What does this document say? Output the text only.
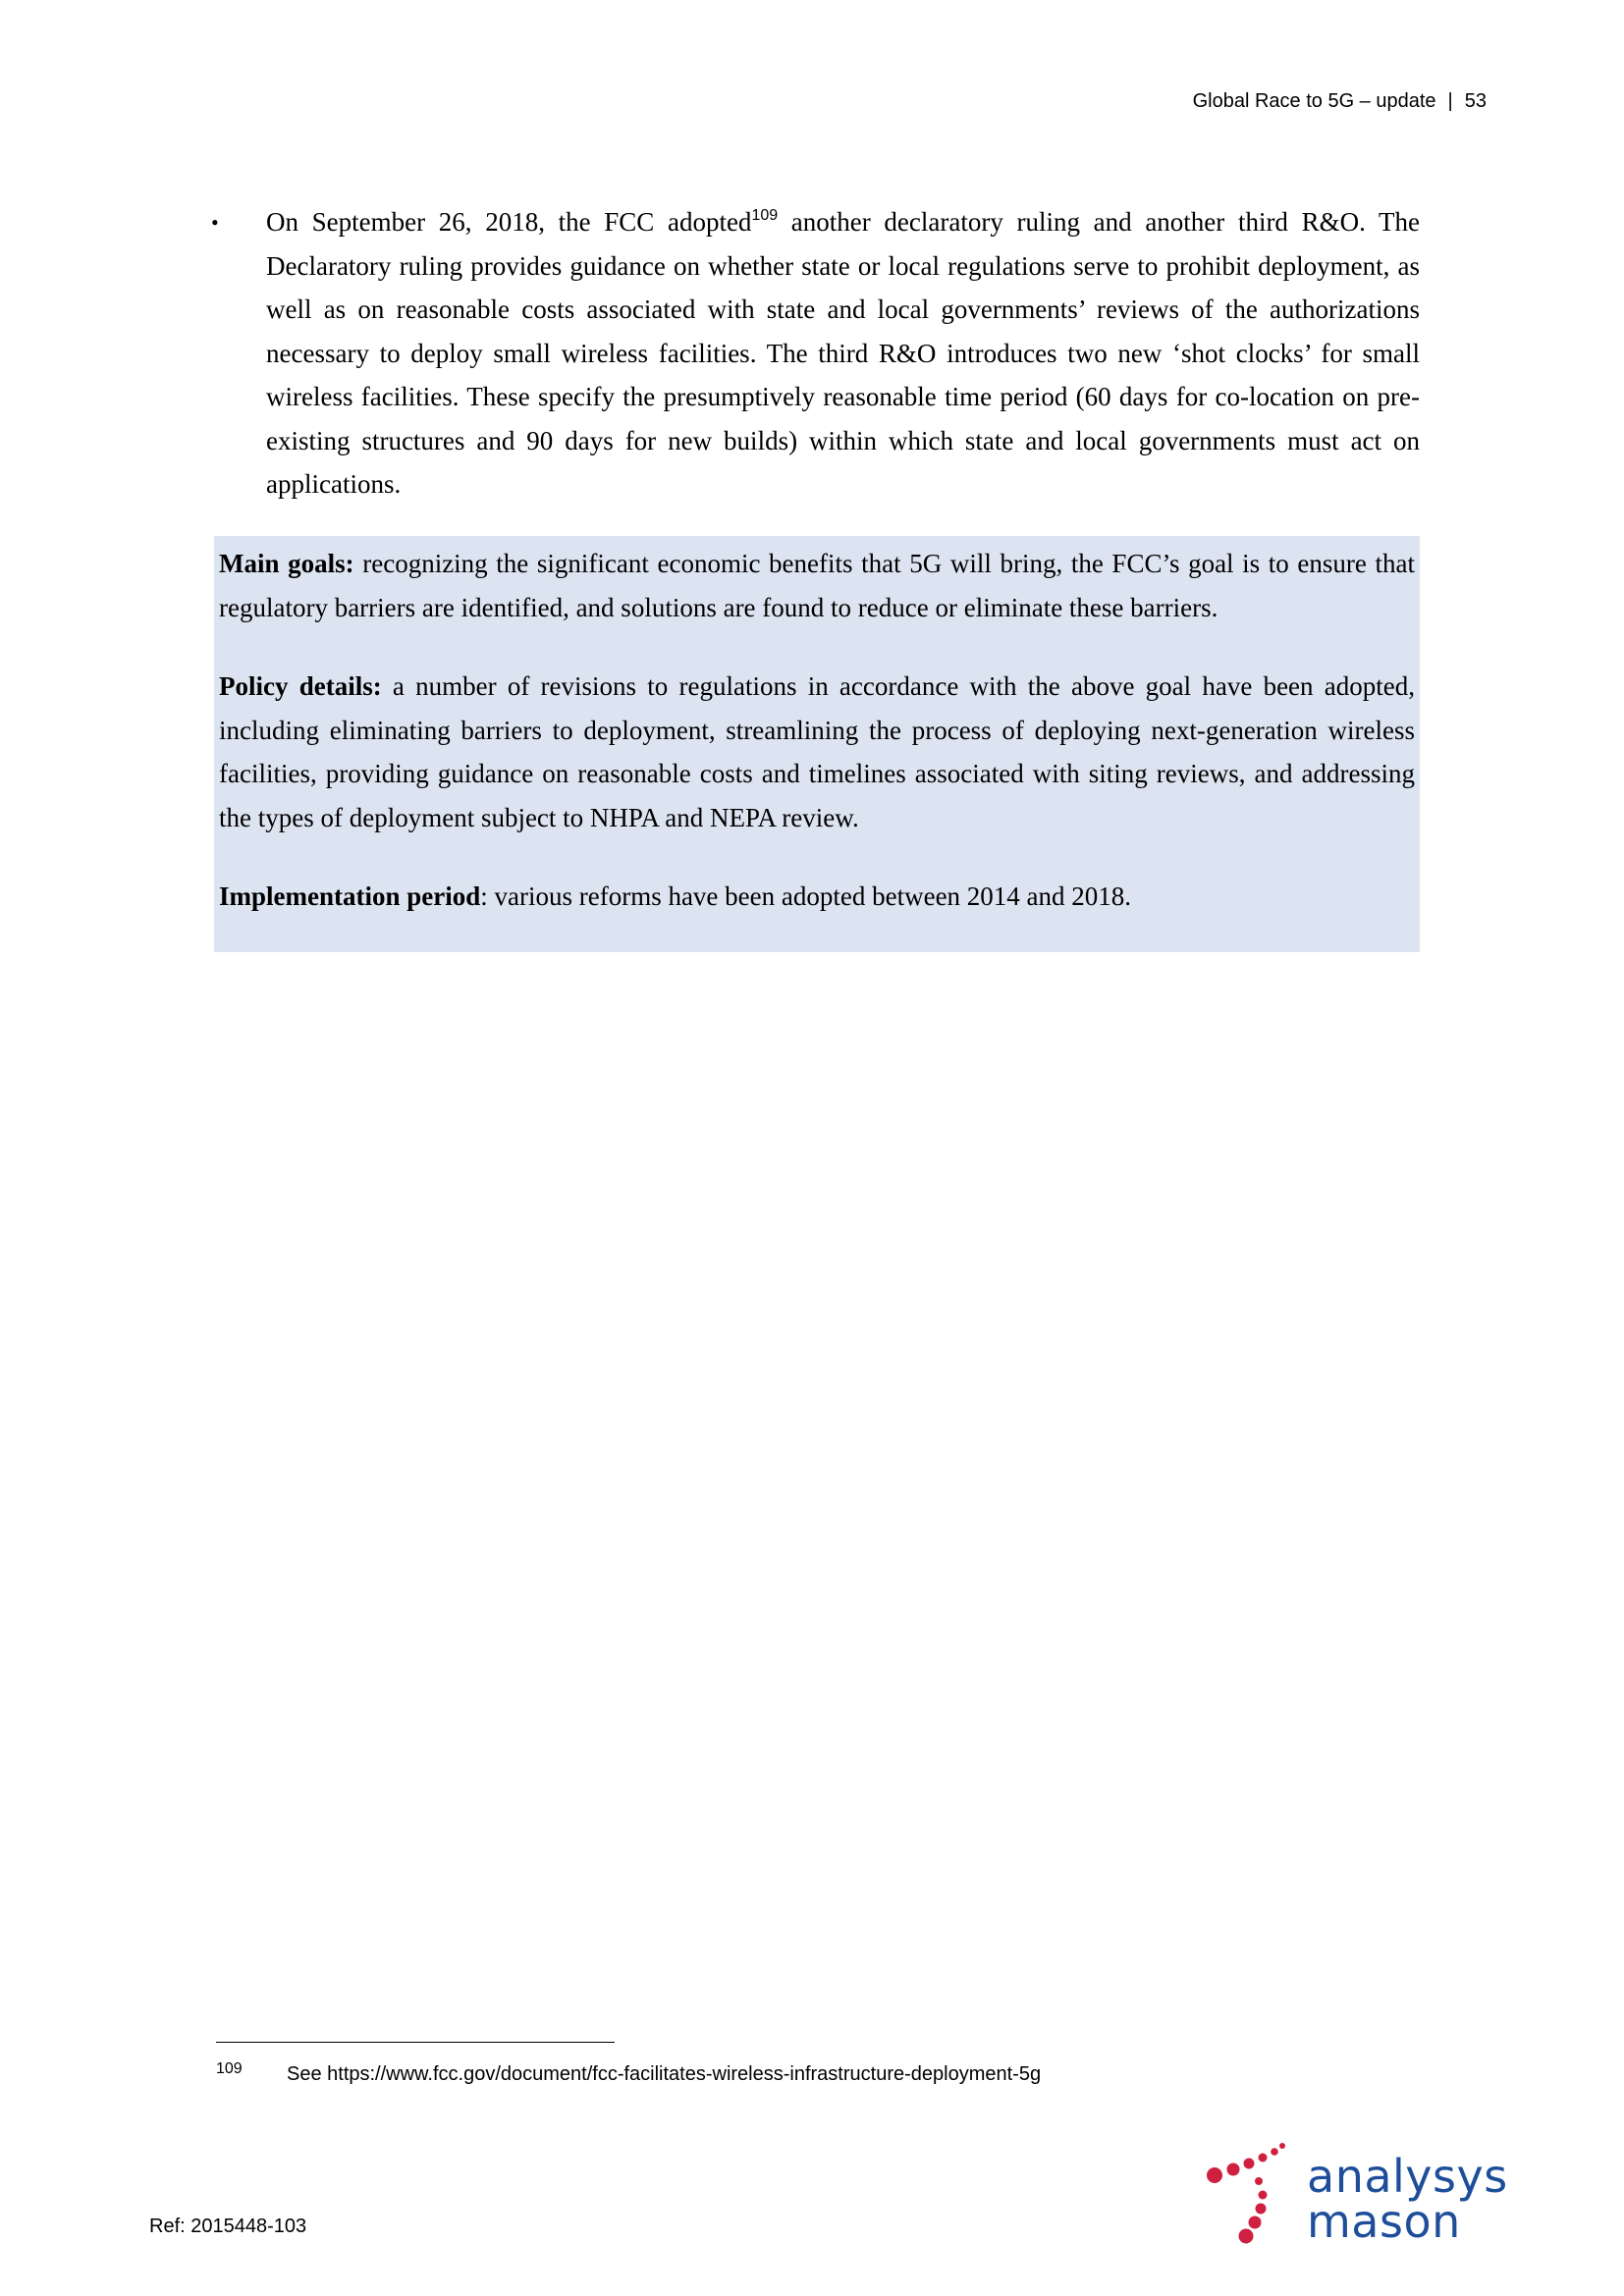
Global Race to 5G – update | 53
• On September 26, 2018, the FCC adopted$^{109}$ another declaratory ruling and another third R&O. The Declaratory ruling provides guidance on whether state or local regulations serve to prohibit deployment, as well as on reasonable costs associated with state and local governments’ reviews of the authorizations necessary to deploy small wireless facilities. The third R&O introduces two new ‘shot clocks’ for small wireless facilities. These specify the presumptively reasonable time period (60 days for co-location on pre-existing structures and 90 days for new builds) within which state and local governments must act on applications.

Main goals: recognizing the significant economic benefits that 5G will bring, the FCC’s goal is to ensure that regulatory barriers are identified, and solutions are found to reduce or eliminate these barriers.

Policy details: a number of revisions to regulations in accordance with the above goal have been adopted, including eliminating barriers to deployment, streamlining the process of deploying next-generation wireless facilities, providing guidance on reasonable costs and timelines associated with siting reviews, and addressing the types of deployment subject to NHPA and NEPA review.

Implementation period: various reforms have been adopted between 2014 and 2018.

109 See https://www.fcc.gov/document/fcc-facilitates-wireless-infrastructure-deployment-5g
Ref: 2015448-103
analysys
mason
